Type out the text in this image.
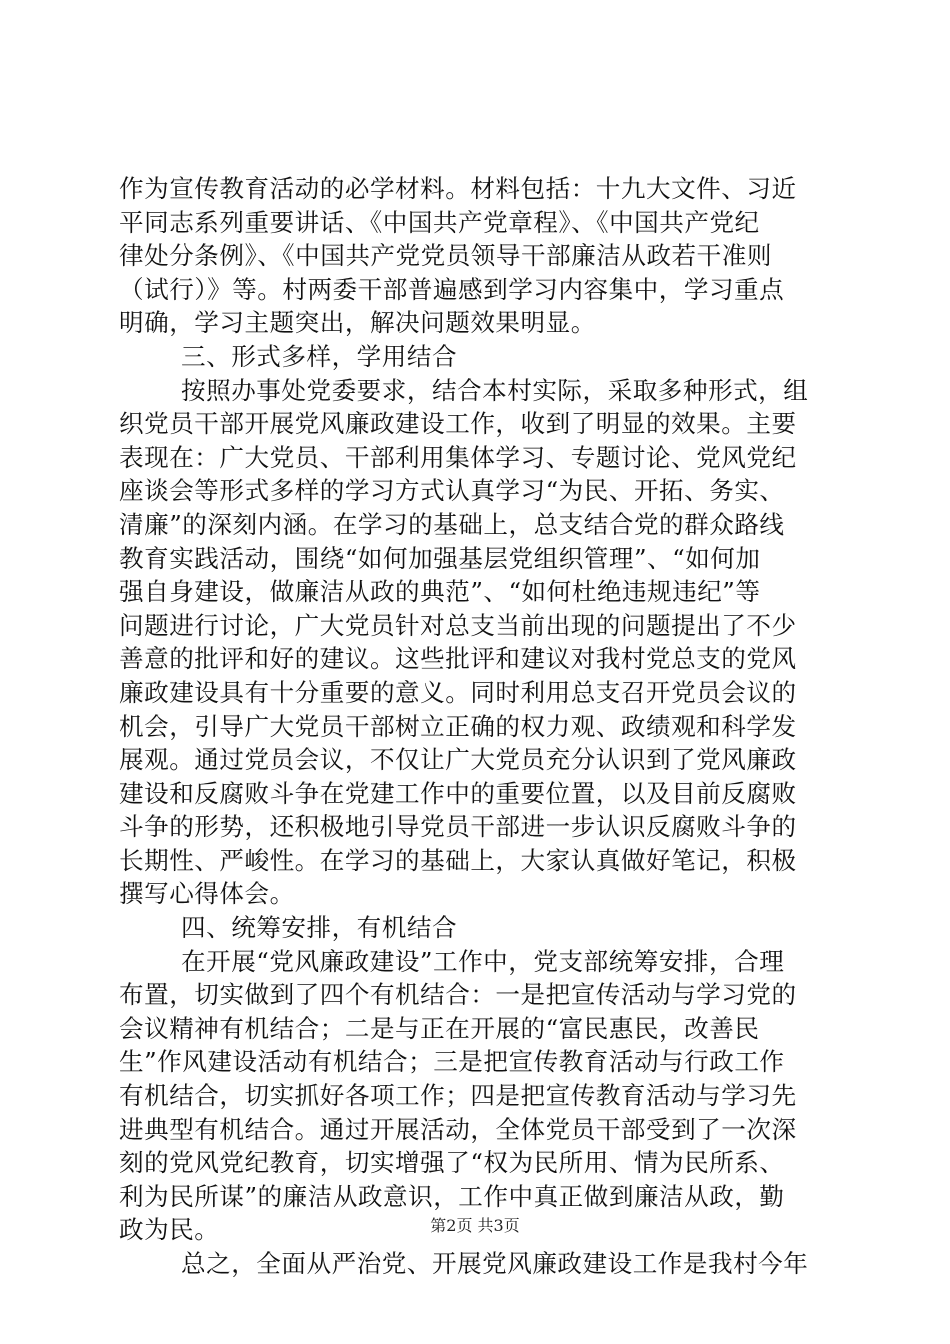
作为宣传教育活动的必学材料。材料包括：十九大文件、习近
平同志系列重要讲话、《中国共产党章程》、《中国共产党纪
律处分条例》、《中国共产党党员领导干部廉洁从政若干准则
（试行）》等。村两委干部普遍感到学习内容集中，学习重点
明确，学习主题突出，解决问题效果明显。
三、形式多样，学用结合
按照办事处党委要求，结合本村实际，采取多种形式，组
织党员干部开展党风廉政建设工作，收到了明显的效果。主要
表现在：广大党员、干部利用集体学习、专题讨论、党风党纪
座谈会等形式多样的学习方式认真学习“为民、开拓、务实、
清廉”的深刻内涵。在学习的基础上，总支结合党的群众路线
教育实践活动，围绕“如何加强基层党组织管理”、“如何加
强自身建设，做廉洁从政的典范”、“如何杜绝违规违纪”等
问题进行讨论，广大党员针对总支当前出现的问题提出了不少
善意的批评和好的建议。这些批评和建议对我村党总支的党风
廉政建设具有十分重要的意义。同时利用总支召开党员会议的
机会，引导广大党员干部树立正确的权力观、政绩观和科学发
展观。通过党员会议，不仅让广大党员充分认识到了党风廉政
建设和反腐败斗争在党建工作中的重要位置，以及目前反腐败
斗争的形势，还积极地引导党员干部进一步认识反腐败斗争的
长期性、严峻性。在学习的基础上，大家认真做好笔记，积极
撰写心得体会。
四、统筹安排，有机结合
在开展“党风廉政建设”工作中，党支部统筹安排，合理
布置，切实做到了四个有机结合：一是把宣传活动与学习党的
会议精神有机结合；二是与正在开展的“富民惠民，改善民
生”作风建设活动有机结合；三是把宣传教育活动与行政工作
有机结合，切实抓好各项工作；四是把宣传教育活动与学习先
进典型有机结合。通过开展活动，全体党员干部受到了一次深
刻的党风党纪教育，切实增强了“权为民所用、情为民所系、
利为民所谋”的廉洁从政意识，工作中真正做到廉洁从政，勤
政为民。
总之，全面从严治党、开展党风廉政建设工作是我村今年
第2页 共3页
